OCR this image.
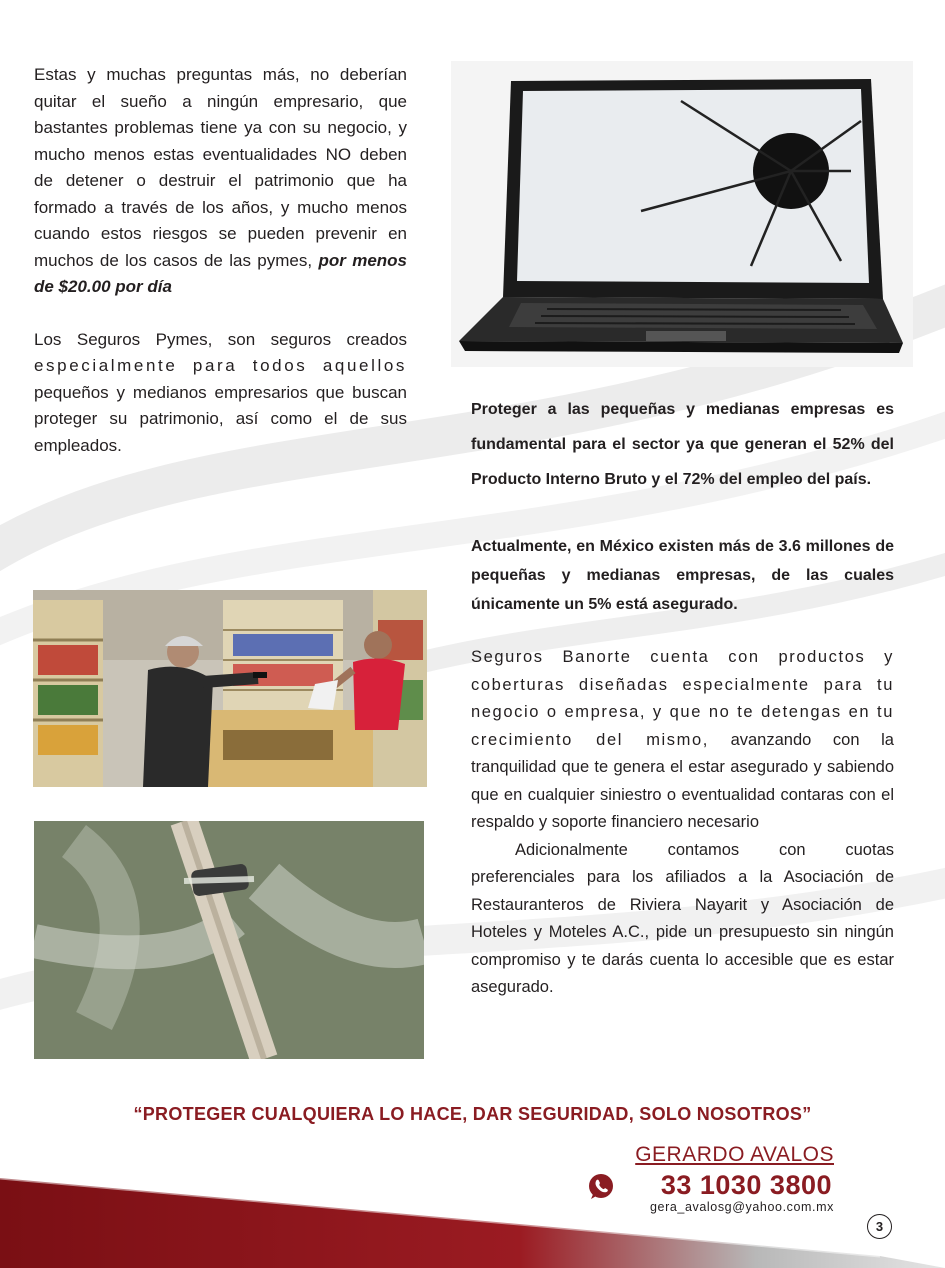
Estas y muchas preguntas más, no deberían quitar el sueño a ningún empresario, que bastantes problemas tiene ya con su negocio, y mucho menos estas eventualidades NO deben de detener o destruir el patrimonio que ha formado a través de los años, y mucho menos cuando estos riesgos se pueden prevenir en muchos de los casos de las pymes, por menos de $20.00 por día

Los Seguros Pymes, son seguros creados especialmente para todos aquellos pequeños y medianos empresarios que buscan proteger su patrimonio, así como el de sus empleados.

Proteger a las pequeñas y medianas empresas es fundamental para el sector ya que generan el 52% del Producto Interno Bruto y el 72% del empleo del país.
Actualmente, en México existen más de 3.6 millones de pequeñas y medianas empresas, de las cuales únicamente un 5% está asegurado.

Seguros Banorte cuenta con productos y coberturas diseñadas especialmente para tu negocio o empresa, y que no te detengas en tu crecimiento del mismo, avanzando con la tranquilidad que te genera el estar asegurado y sabiendo que en cualquier siniestro o eventualidad contaras con el respaldo y soporte financiero necesario

Adicionalmente contamos con cuotas preferenciales para los afiliados a la Asociación de Restauranteros de Riviera Nayarit y Asociación de Hoteles y Moteles A.C., pide un presupuesto sin ningún compromiso y te darás cuenta lo accesible que es estar asegurado.

“PROTEGER CUALQUIERA LO HACE, DAR SEGURIDAD, SOLO NOSOTROS”
GERARDO AVALOS
33 1030 3800
gera_avalosg@yahoo.com.mx
3
